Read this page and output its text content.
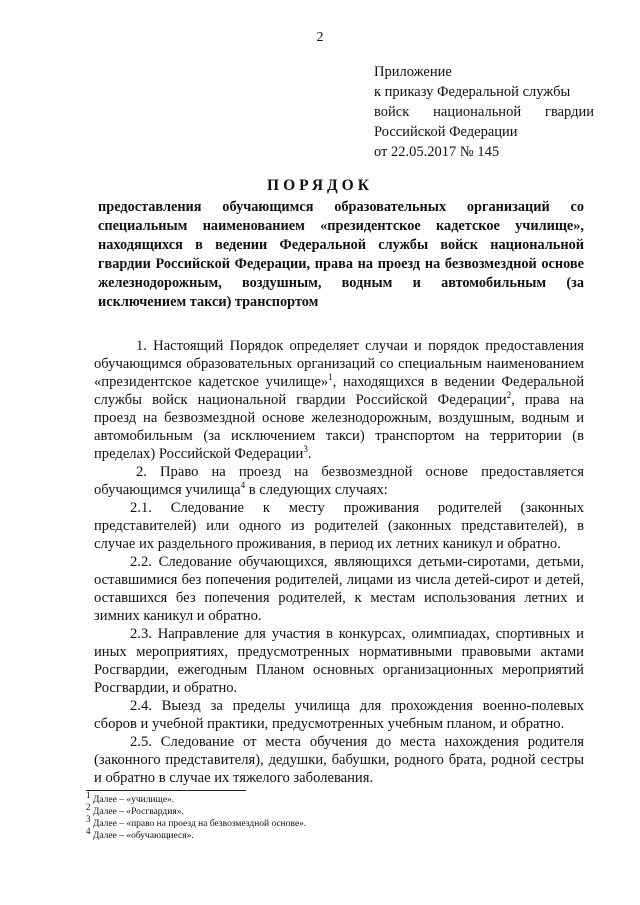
2
Приложение
к приказу Федеральной службы
войск национальной гвардии
Российской Федерации
от 22.05.2017 № 145
ПОРЯДОК
предоставления обучающимся образовательных организаций со специальным наименованием «президентское кадетское училище», находящихся в ведении Федеральной службы войск национальной гвардии Российской Федерации, права на проезд на безвозмездной основе железнодорожным, воздушным, водным и автомобильным (за исключением такси) транспортом

1. Настоящий Порядок определяет случаи и порядок предоставления обучающимся образовательных организаций со специальным наименованием «президентское кадетское училище»$^1$, находящихся в ведении Федеральной службы войск национальной гвардии Российской Федерации$^2$, права на проезд на безвозмездной основе железнодорожным, воздушным, водным и автомобильным (за исключением такси) транспортом на территории (в пределах) Российской Федерации$^3$.

2. Право на проезд на безвозмездной основе предоставляется обучающимся училища$^4$ в следующих случаях:

2.1. Следование к месту проживания родителей (законных представителей) или одного из родителей (законных представителей), в случае их раздельного проживания, в период их летних каникул и обратно.

2.2. Следование обучающихся, являющихся детьми-сиротами, детьми, оставшимися без попечения родителей, лицами из числа детей-сирот и детей, оставшихся без попечения родителей, к местам использования летних и зимних каникул и обратно.

2.3. Направление для участия в конкурсах, олимпиадах, спортивных и иных мероприятиях, предусмотренных нормативными правовыми актами Росгвардии, ежегодным Планом основных организационных мероприятий Росгвардии, и обратно.

2.4. Выезд за пределы училища для прохождения военно-полевых сборов и учебной практики, предусмотренных учебным планом, и обратно.

2.5. Следование от места обучения до места нахождения родителя (законного представителя), дедушки, бабушки, родного брата, родной сестры и обратно в случае их тяжелого заболевания.

$^1$ Далее – «училище».
$^2$ Далее – «Росгвардия».
$^3$ Далее – «право на проезд на безвозмездной основе».
$^4$ Далее – «обучающиеся».
